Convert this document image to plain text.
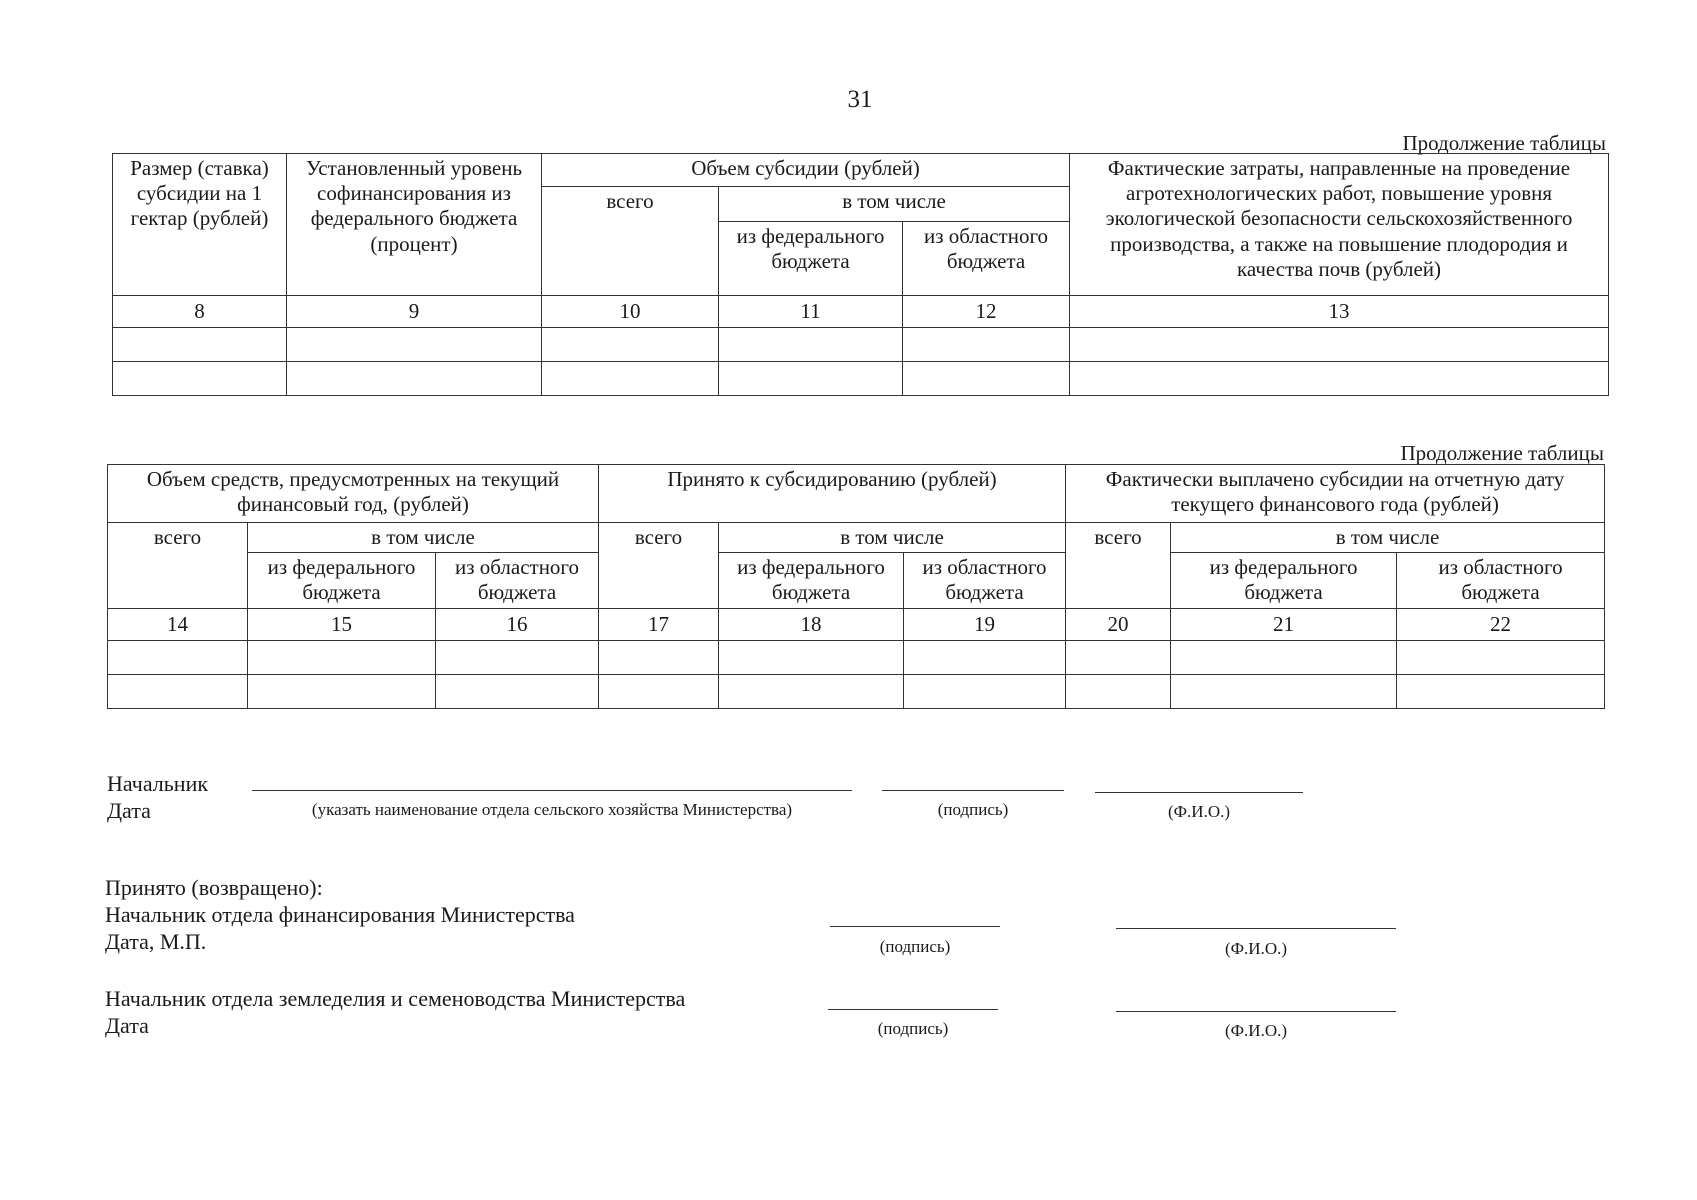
31
Продолжение таблицы
Размер (ставка) субсидии на 1 гектар (рублей)	Установленный уровень софинансирования из федерального бюджета (процент)	Объем субсидии (рублей)			Фактические затраты, направленные на проведение агротехнологических работ, повышение уровня экологической безопасности сельскохозяйственного производства, а также на повышение плодородия и качества почв (рублей)
		всего	в том числе		
			из федерального бюджета	из областного бюджета	
8	9	10	11	12	13

Продолжение таблицы
Объем средств, предусмотренных на текущий финансовый год, (рублей)			Принято к субсидированию (рублей)			Фактически выплачено субсидии на отчетную дату текущего финансового года (рублей)		
всего	в том числе		всего	в том числе		всего	в том числе	
	из федерального бюджета	из областного бюджета		из федерального бюджета	из областного бюджета		из федерального бюджета	из областного бюджета
14	15	16	17	18	19	20	21	22

Начальник
Дата	(указать наименование отдела сельского хозяйства Министерства)	(подпись)	(Ф.И.О.)
Принято (возвращено):
Начальник отдела финансирования Министерства
Дата, М.П.	(подпись)	(Ф.И.О.)
Начальник отдела земледелия и семеноводства Министерства
Дата	(подпись)	(Ф.И.О.)
